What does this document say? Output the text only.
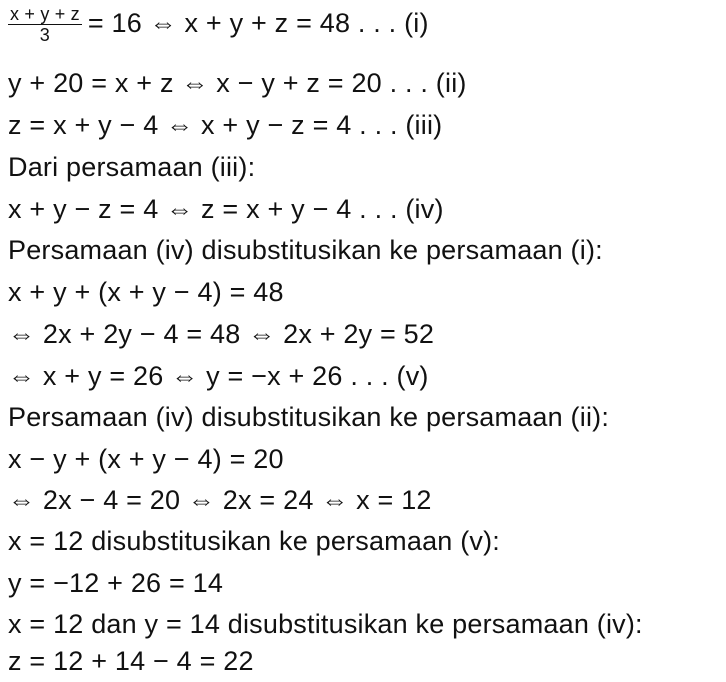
$\frac{x + y + z}{3} = 16$ ⇔ x + y + z = 48 . . . (i)
y + 20 = x + z ⇔ x − y + z = 20 . . . (ii)
z = x + y − 4 ⇔ x + y − z = 4 . . . (iii)
Dari persamaan (iii):
x + y − z = 4 ⇔ z = x + y − 4 . . . (iv)
Persamaan (iv) disubstitusikan ke persamaan (i):
x + y + (x + y − 4) = 48
⇔ 2x + 2y − 4 = 48 ⇔ 2x + 2y = 52
⇔ x + y = 26 ⇔ y = −x + 26 . . . (v)
Persamaan (iv) disubstitusikan ke persamaan (ii):
x − y + (x + y − 4) = 20
⇔ 2x − 4 = 20 ⇔ 2x = 24 ⇔ x = 12
x = 12 disubstitusikan ke persamaan (v):
y = −12 + 26 = 14
x = 12 dan y = 14 disubstitusikan ke persamaan (iv):
z = 12 + 14 − 4 = 22
